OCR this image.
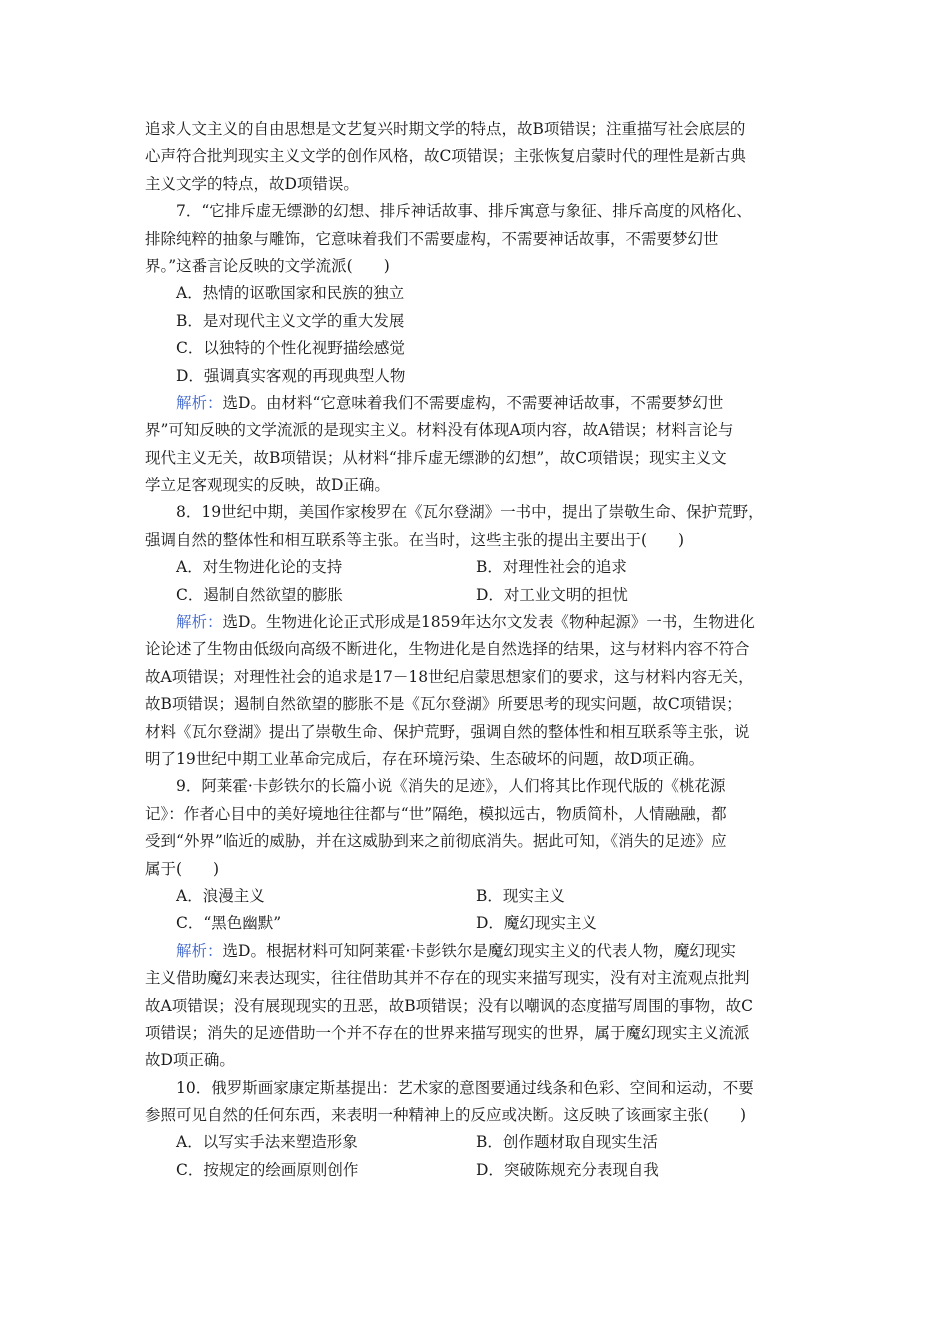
追求人文主义的自由思想是文艺复兴时期文学的特点，故B项错误；注重描写社会底层的
心声符合批判现实主义文学的创作风格，故C项错误；主张恢复启蒙时代的理性是新古典
主义文学的特点，故D项错误。
7．“它排斥虚无缥渺的幻想、排斥神话故事、排斥寓意与象征、排斥高度的风格化、
排除纯粹的抽象与雕饰，它意味着我们不需要虚构，不需要神话故事，不需要梦幻世
界。”这番言论反映的文学流派(　　)
A．热情的讴歌国家和民族的独立
B．是对现代主义文学的重大发展
C．以独特的个性化视野描绘感觉
D．强调真实客观的再现典型人物
解析：选D。由材料“它意味着我们不需要虚构，不需要神话故事，不需要梦幻世
界”可知反映的文学流派的是现实主义。材料没有体现A项内容，故A错误；材料言论与
现代主义无关，故B项错误；从材料“排斥虚无缥渺的幻想”，故C项错误；现实主义文
学立足客观现实的反映，故D正确。
8．19世纪中期，美国作家梭罗在《瓦尔登湖》一书中，提出了崇敬生命、保护荒野，
强调自然的整体性和相互联系等主张。在当时，这些主张的提出主要出于(　　)
A．对生物进化论的支持	B．对理性社会的追求
C．遏制自然欲望的膨胀	D．对工业文明的担忧
解析：选D。生物进化论正式形成是1859年达尔文发表《物种起源》一书，生物进化
论论述了生物由低级向高级不断进化，生物进化是自然选择的结果，这与材料内容不符合
故A项错误；对理性社会的追求是17－18世纪启蒙思想家们的要求，这与材料内容无关，
故B项错误；遏制自然欲望的膨胀不是《瓦尔登湖》所要思考的现实问题，故C项错误；
材料《瓦尔登湖》提出了崇敬生命、保护荒野，强调自然的整体性和相互联系等主张，说
明了19世纪中期工业革命完成后，存在环境污染、生态破坏的问题，故D项正确。
9．阿莱霍·卡彭铁尔的长篇小说《消失的足迹》，人们将其比作现代版的《桃花源
记》：作者心目中的美好境地往往都与“世”隔绝，模拟远古，物质简朴，人情融融，都
受到“外界”临近的威胁，并在这威胁到来之前彻底消失。据此可知，《消失的足迹》应
属于(　　)
A．浪漫主义	B．现实主义
C．“黑色幽默”	D．魔幻现实主义
解析：选D。根据材料可知阿莱霍·卡彭铁尔是魔幻现实主义的代表人物，魔幻现实
主义借助魔幻来表达现实，往往借助其并不存在的现实来描写现实，没有对主流观点批判
故A项错误；没有展现现实的丑恶，故B项错误；没有以嘲讽的态度描写周围的事物，故C
项错误；消失的足迹借助一个并不存在的世界来描写现实的世界，属于魔幻现实主义流派
故D项正确。
10．俄罗斯画家康定斯基提出：艺术家的意图要通过线条和色彩、空间和运动，不要
参照可见自然的任何东西，来表明一种精神上的反应或决断。这反映了该画家主张(　　)
A．以写实手法来塑造形象	B．创作题材取自现实生活
C．按规定的绘画原则创作	D．突破陈规充分表现自我
